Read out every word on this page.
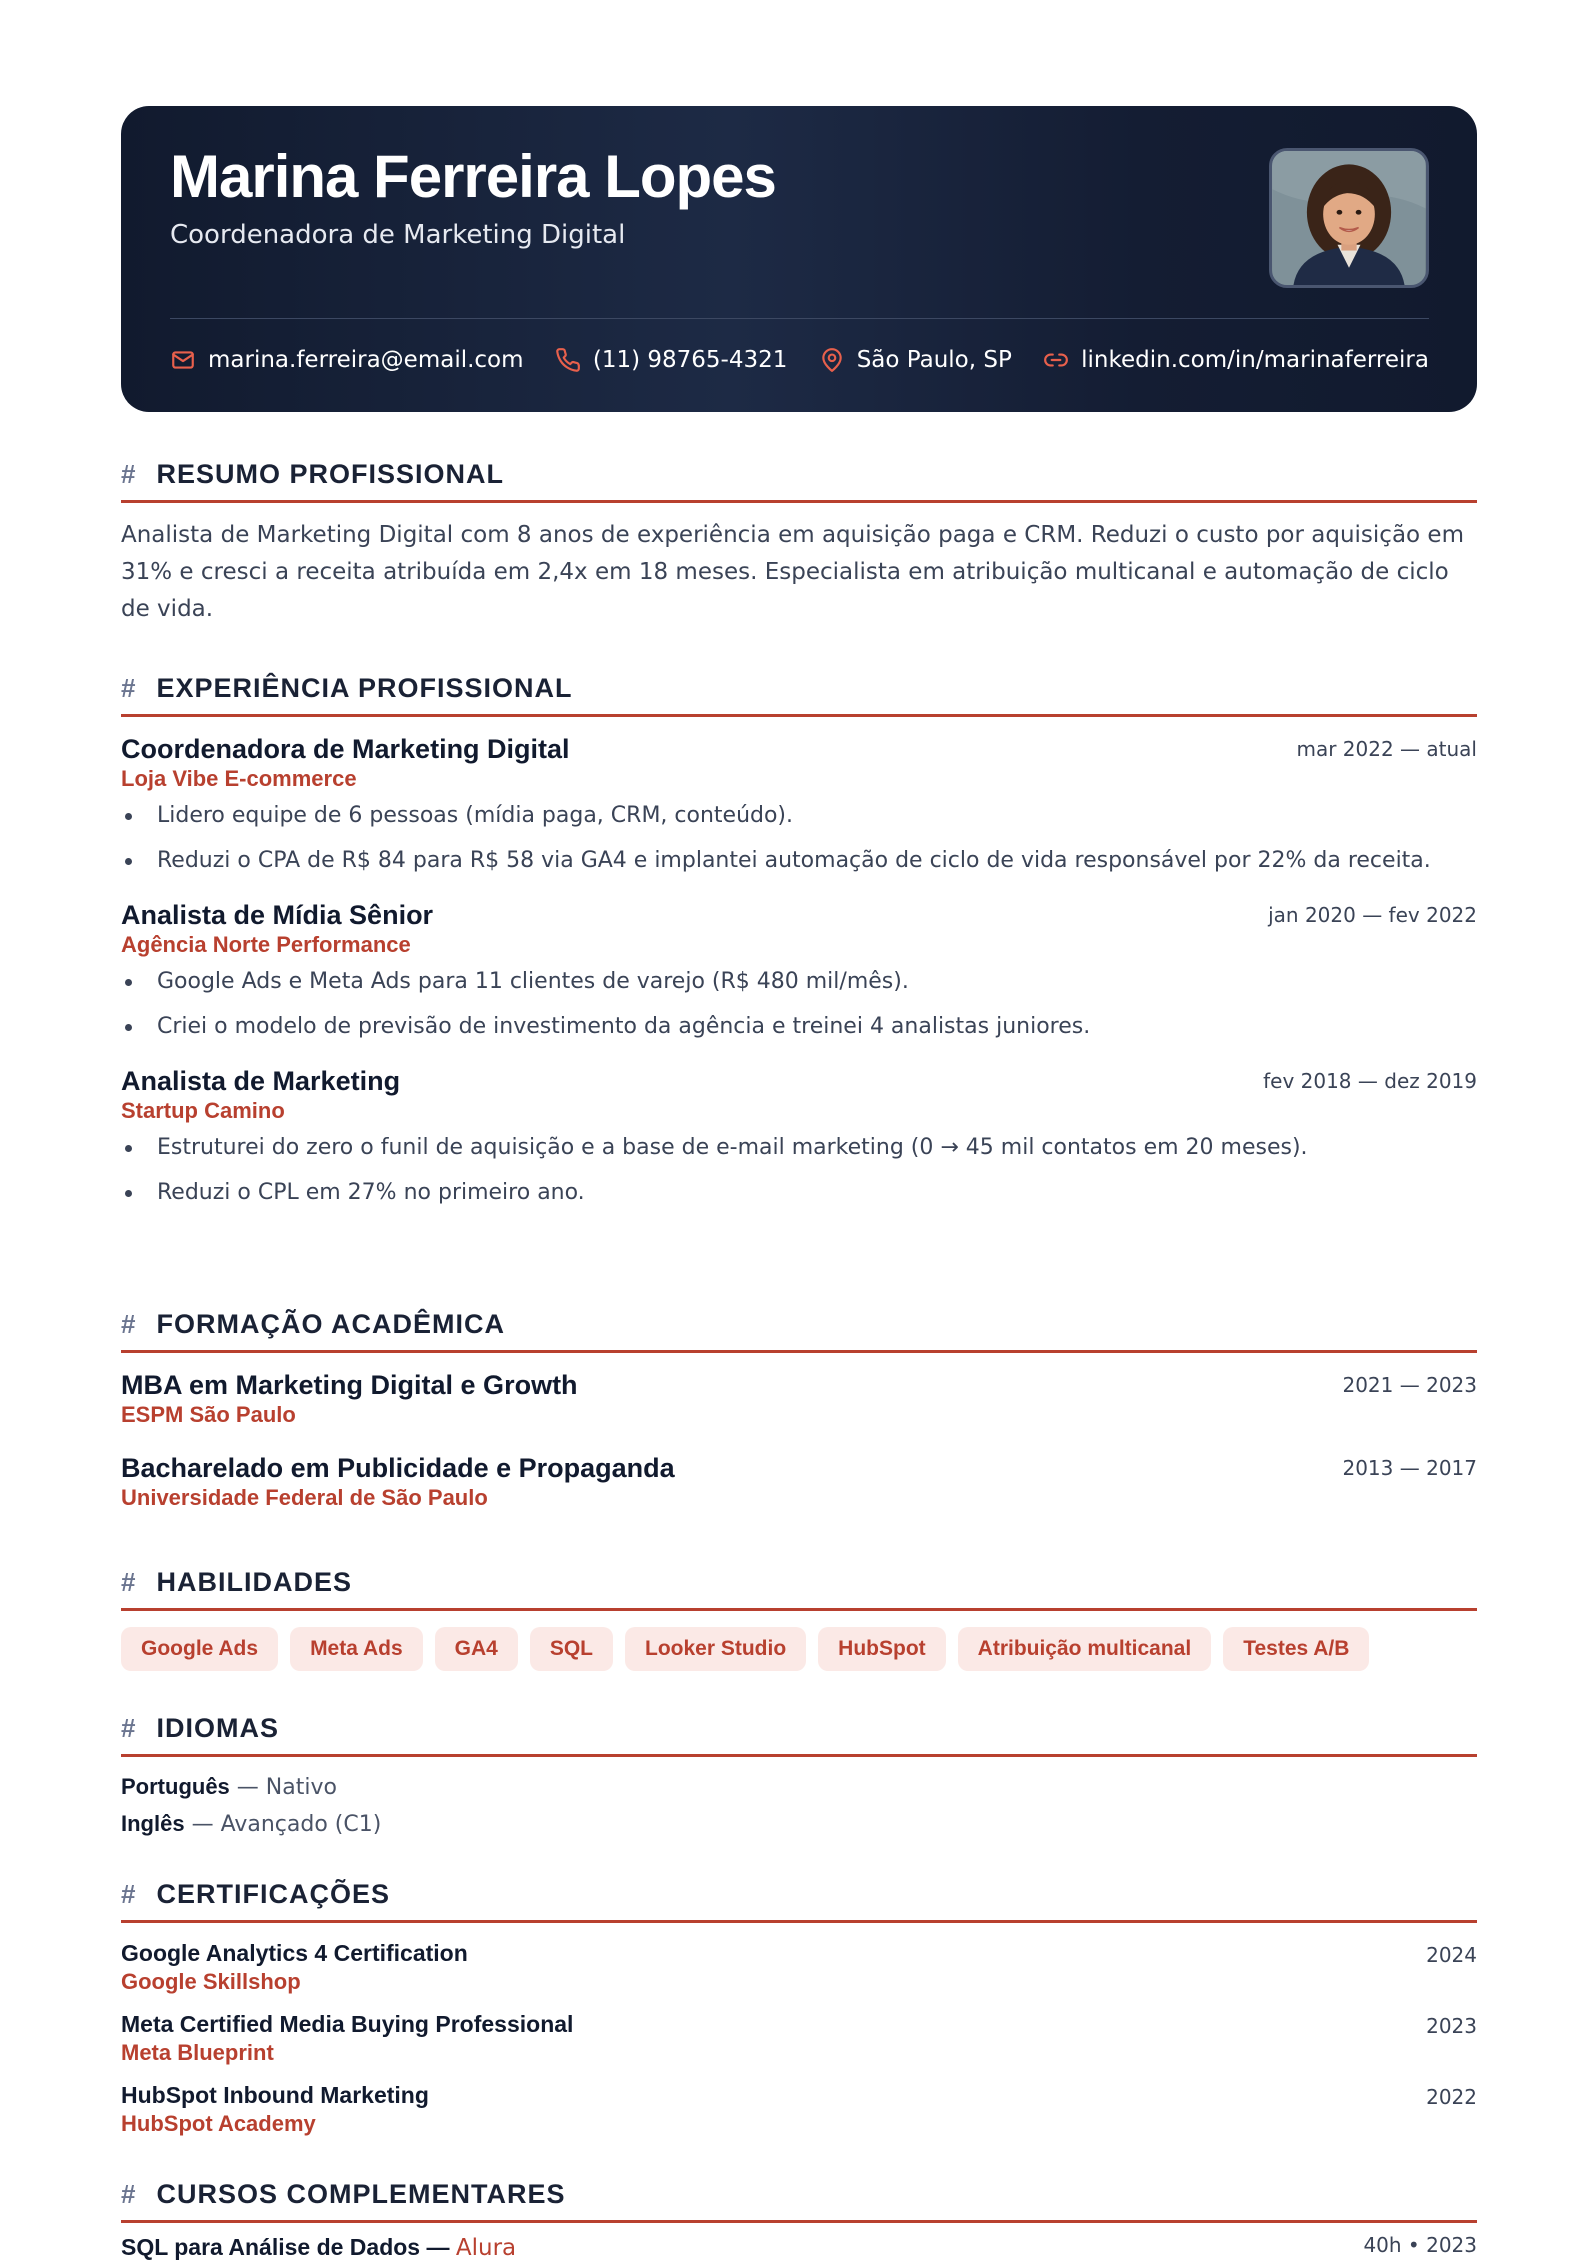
Marina Ferreira Lopes
Coordenadora de Marketing Digital
marina.ferreira@email.com	(11) 98765-4321	São Paulo, SP	linkedin.com/in/marinaferreira
# RESUMO PROFISSIONAL
Analista de Marketing Digital com 8 anos de experiência em aquisição paga e CRM. Reduzi o custo por aquisição em 31% e cresci a receita atribuída em 2,4x em 18 meses. Especialista em atribuição multicanal e automação de ciclo de vida.
# EXPERIÊNCIA PROFISSIONAL
Coordenadora de Marketing Digital
Loja Vibe E-commerce
mar 2022 — atual
Lidero equipe de 6 pessoas (mídia paga, CRM, conteúdo).
Reduzi o CPA de R$ 84 para R$ 58 via GA4 e implantei automação de ciclo de vida responsável por 22% da receita.
Analista de Mídia Sênior
Agência Norte Performance
jan 2020 — fev 2022
Google Ads e Meta Ads para 11 clientes de varejo (R$ 480 mil/mês).
Criei o modelo de previsão de investimento da agência e treinei 4 analistas juniores.
Analista de Marketing
Startup Camino
fev 2018 — dez 2019
Estruturei do zero o funil de aquisição e a base de e-mail marketing (0 → 45 mil contatos em 20 meses).
Reduzi o CPL em 27% no primeiro ano.
# FORMAÇÃO ACADÊMICA
MBA em Marketing Digital e Growth
ESPM São Paulo
2021 — 2023
Bacharelado em Publicidade e Propaganda
Universidade Federal de São Paulo
2013 — 2017
# HABILIDADES
Google Ads	Meta Ads	GA4	SQL	Looker Studio	HubSpot	Atribuição multicanal	Testes A/B
# IDIOMAS
Português — Nativo
Inglês — Avançado (C1)
# CERTIFICAÇÕES
Google Analytics 4 Certification
Google Skillshop
2024
Meta Certified Media Buying Professional
Meta Blueprint
2023
HubSpot Inbound Marketing
HubSpot Academy
2022
# CURSOS COMPLEMENTARES
SQL para Análise de Dados — Alura	40h • 2023
